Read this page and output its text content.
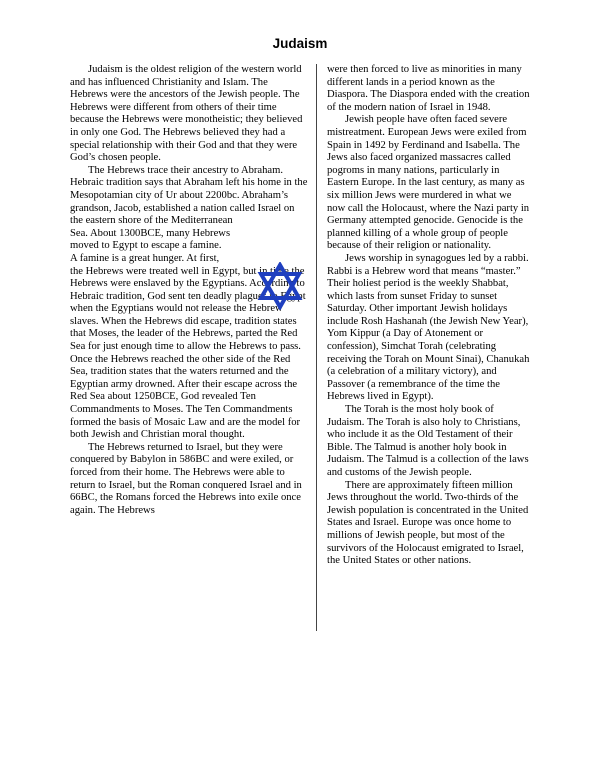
Judaism

Judaism is the oldest religion of the western world and has influenced Christianity and Islam. The Hebrews were the ancestors of the Jewish people. The Hebrews were different from others of their time because the Hebrews were monotheistic; they believed in only one God. The Hebrews believed they had a special relationship with their God and that they were God’s chosen people.

The Hebrews trace their ancestry to Abraham. Hebraic tradition says that Abraham left his home in the Mesopotamian city of Ur about 2200bc. Abraham’s grandson, Jacob, established a nation called Israel on the eastern shore of the Mediterranean

Sea. About 1300BCE, many Hebrews
moved to Egypt to escape a famine.
A famine is a great hunger. At first,

the Hebrews were treated well in Egypt, but in time the Hebrews were enslaved by the Egyptians. According to Hebraic tradition, God sent ten deadly plagues to Egypt when the Egyptians would not release the Hebrew slaves. When the Hebrews did escape, tradition states that Moses, the leader of the Hebrews, parted the Red Sea for just enough time to allow the Hebrews to pass. Once the Hebrews reached the other side of the Red Sea, tradition states that the waters returned and the Egyptian army drowned. After their escape across the Red Sea about 1250BCE, God revealed Ten Commandments to Moses. The Ten Commandments formed the basis of Mosaic Law and are the model for both Jewish and Christian moral thought.

The Hebrews returned to Israel, but they were conquered by Babylon in 586BC and were exiled, or forced from their home. The Hebrews were able to return to Israel, but the Roman conquered Israel and in 66BC, the Romans forced the Hebrews into exile once again. The Hebrews

were then forced to live as minorities in many different lands in a period known as the Diaspora. The Diaspora ended with the creation of the modern nation of Israel in 1948.

Jewish people have often faced severe mistreatment. European Jews were exiled from Spain in 1492 by Ferdinand and Isabella. The Jews also faced organized massacres called pogroms in many nations, particularly in Eastern Europe. In the last century, as many as six million Jews were murdered in what we now call the Holocaust, where the Nazi party in Germany attempted genocide. Genocide is the planned killing of a whole group of people because of their religion or nationality.

Jews worship in synagogues led by a rabbi. Rabbi is a Hebrew word that means “master.” Their holiest period is the weekly Shabbat, which lasts from sunset Friday to sunset Saturday. Other important Jewish holidays include Rosh Hashanah (the Jewish New Year), Yom Kippur (a Day of Atonement or confession), Simchat Torah (celebrating receiving the Torah on Mount Sinai), Chanukah (a celebration of a military victory), and Passover (a remembrance of the time the Hebrews lived in Egypt).

The Torah is the most holy book of Judaism. The Torah is also holy to Christians, who include it as the Old Testament of their Bible. The Talmud is another holy book in Judaism. The Talmud is a collection of the laws and customs of the Jewish people.

There are approximately fifteen million Jews throughout the world. Two-thirds of the Jewish population is concentrated in the United States and Israel. Europe was once home to millions of Jewish people, but most of the survivors of the Holocaust emigrated to Israel, the United States or other nations.
